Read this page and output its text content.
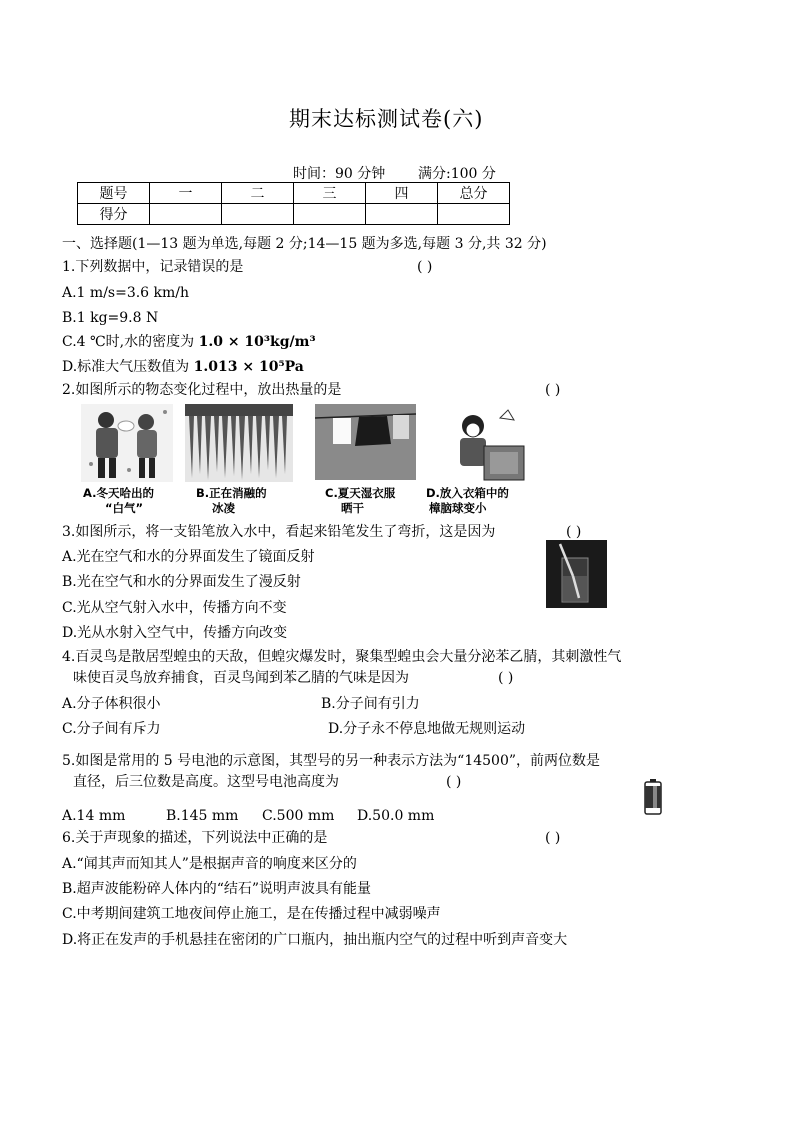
期末达标测试卷(六)
时间：90 分钟 满分:100 分
题号	一	二	三	四	总分
得分					
一、选择题(1—13 题为单选,每题 2 分;14—15 题为多选,每题 3 分,共 32 分)
1.下列数据中，记录错误的是	( )
A.1 m/s=3.6 km/h
B.1 kg=9.8 N
C.4 ℃时,水的密度为 1.0 × 10³kg/m³
D.标准大气压数值为 1.013 × 10⁵Pa
2.如图所示的物态变化过程中，放出热量的是	( )
A.冬天哈出的
“白气”
B.正在消融的
冰凌
C.夏天湿衣服
晒干
D.放入衣箱中的
樟脑球变小
3.如图所示，将一支铅笔放入水中，看起来铅笔发生了弯折，这是因为	( )
A.光在空气和水的分界面发生了镜面反射
B.光在空气和水的分界面发生了漫反射
C.光从空气射入水中，传播方向不变
D.光从水射入空气中，传播方向改变
4.百灵鸟是散居型蝗虫的天敌，但蝗灾爆发时，聚集型蝗虫会大量分泌苯乙腈，其刺激性气
味使百灵鸟放弃捕食，百灵鸟闻到苯乙腈的气味是因为	( )
A.分子体积很小	B.分子间有引力
C.分子间有斥力	D.分子永不停息地做无规则运动
5.如图是常用的 5 号电池的示意图，其型号的另一种表示方法为“14500”，前两位数是
直径，后三位数是高度。这型号电池高度为	( )
A.14 mm	B.145 mm C.500 mm D.50.0 mm
6.关于声现象的描述，下列说法中正确的是	( )
A.“闻其声而知其人”是根据声音的响度来区分的
B.超声波能粉碎人体内的“结石”说明声波具有能量
C.中考期间建筑工地夜间停止施工，是在传播过程中减弱噪声
D.将正在发声的手机悬挂在密闭的广口瓶内，抽出瓶内空气的过程中听到声音变大
